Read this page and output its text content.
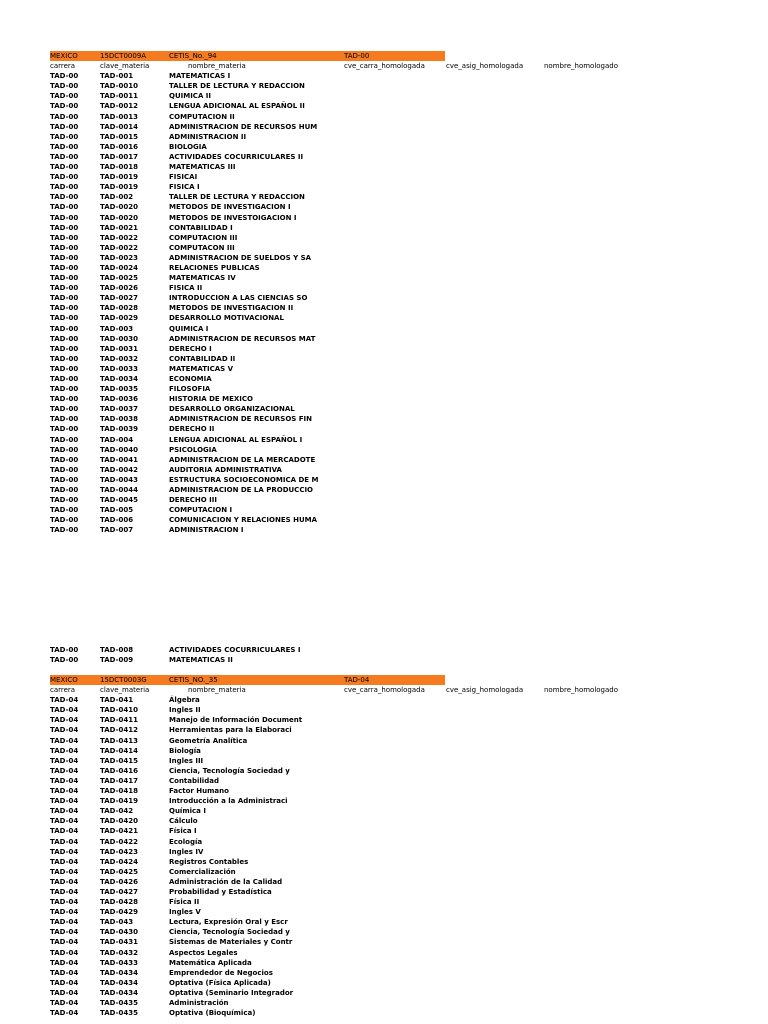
MEXICO	15DCT0009A	CETIS_No._94	TAD-00
carrera	clave_materia	nombre_materia	cve_carra_homologada	cve_asig_homologada	nombre_homologado
TAD-00	TAD-001	MATEMATICAS I
TAD-00	TAD-0010	TALLER DE LECTURA Y REDACCION
TAD-00	TAD-0011	QUIMICA II
TAD-00	TAD-0012	LENGUA ADICIONAL AL ESPAÑOL II
TAD-00	TAD-0013	COMPUTACION II
TAD-00	TAD-0014	ADMINISTRACION DE RECURSOS HUM
TAD-00	TAD-0015	ADMINISTRACION II
TAD-00	TAD-0016	BIOLOGIA
TAD-00	TAD-0017	ACTIVIDADES COCURRICULARES II
TAD-00	TAD-0018	MATEMATICAS III
TAD-00	TAD-0019	FISICAI
TAD-00	TAD-0019	FISICA I
TAD-00	TAD-002	TALLER DE LECTURA Y REDACCION
TAD-00	TAD-0020	METODOS DE INVESTIGACION I
TAD-00	TAD-0020	METODOS DE INVESTOIGACION I
TAD-00	TAD-0021	CONTABILIDAD I
TAD-00	TAD-0022	COMPUTACION III
TAD-00	TAD-0022	COMPUTACON III
TAD-00	TAD-0023	ADMINISTRACION DE SUELDOS Y SA
TAD-00	TAD-0024	RELACIONES PUBLICAS
TAD-00	TAD-0025	MATEMATICAS IV
TAD-00	TAD-0026	FISICA II
TAD-00	TAD-0027	INTRODUCCION A LAS CIENCIAS SO
TAD-00	TAD-0028	METODOS DE INVESTIGACION II
TAD-00	TAD-0029	DESARROLLO MOTIVACIONAL
TAD-00	TAD-003	QUIMICA I
TAD-00	TAD-0030	ADMINISTRACION DE RECURSOS MAT
TAD-00	TAD-0031	DERECHO I
TAD-00	TAD-0032	CONTABILIDAD II
TAD-00	TAD-0033	MATEMATICAS V
TAD-00	TAD-0034	ECONOMIA
TAD-00	TAD-0035	FILOSOFIA
TAD-00	TAD-0036	HISTORIA DE MEXICO
TAD-00	TAD-0037	DESARROLLO ORGANIZACIONAL
TAD-00	TAD-0038	ADMINISTRACION DE RECURSOS FIN
TAD-00	TAD-0039	DERECHO II
TAD-00	TAD-004	LENGUA ADICIONAL AL ESPAÑOL I
TAD-00	TAD-0040	PSICOLOGIA
TAD-00	TAD-0041	ADMINISTRACION DE LA MERCADOTE
TAD-00	TAD-0042	AUDITORIA ADMINISTRATIVA
TAD-00	TAD-0043	ESTRUCTURA SOCIOECONOMICA DE M
TAD-00	TAD-0044	ADMINISTRACION DE LA PRODUCCIO
TAD-00	TAD-0045	DERECHO III
TAD-00	TAD-005	COMPUTACION I
TAD-00	TAD-006	COMUNICACION Y RELACIONES HUMA
TAD-00	TAD-007	ADMINISTRACION I
TAD-00	TAD-008	ACTIVIDADES COCURRICULARES I
TAD-00	TAD-009	MATEMATICAS II
MEXICO	15DCT0003G	CETIS_NO._35	TAD-04
carrera	clave_materia	nombre_materia	cve_carra_homologada	cve_asig_homologada	nombre_homologado
TAD-04	TAD-041	Álgebra
TAD-04	TAD-0410	Ingles II
TAD-04	TAD-0411	Manejo de Información Document
TAD-04	TAD-0412	Herramientas para la Elaboraci
TAD-04	TAD-0413	Geometría Analítica
TAD-04	TAD-0414	Biología
TAD-04	TAD-0415	Ingles III
TAD-04	TAD-0416	Ciencia, Tecnología Sociedad y
TAD-04	TAD-0417	Contabilidad
TAD-04	TAD-0418	Factor Humano
TAD-04	TAD-0419	Introducción a la Administraci
TAD-04	TAD-042	Química I
TAD-04	TAD-0420	Cálculo
TAD-04	TAD-0421	Física I
TAD-04	TAD-0422	Ecología
TAD-04	TAD-0423	Ingles IV
TAD-04	TAD-0424	Registros Contables
TAD-04	TAD-0425	Comercialización
TAD-04	TAD-0426	Administración de la Calidad
TAD-04	TAD-0427	Probabilidad y Estadística
TAD-04	TAD-0428	Física II
TAD-04	TAD-0429	Ingles V
TAD-04	TAD-043	Lectura, Expresión Oral y Escr
TAD-04	TAD-0430	Ciencia, Tecnología Sociedad y
TAD-04	TAD-0431	Sistemas de Materiales y Contr
TAD-04	TAD-0432	Aspectos Legales
TAD-04	TAD-0433	Matemática Aplicada
TAD-04	TAD-0434	Emprendedor de Negocios
TAD-04	TAD-0434	Optativa (Física Aplicada)
TAD-04	TAD-0434	Optativa (Seminario Integrador
TAD-04	TAD-0435	Administración
TAD-04	TAD-0435	Optativa (Bioquímica)
